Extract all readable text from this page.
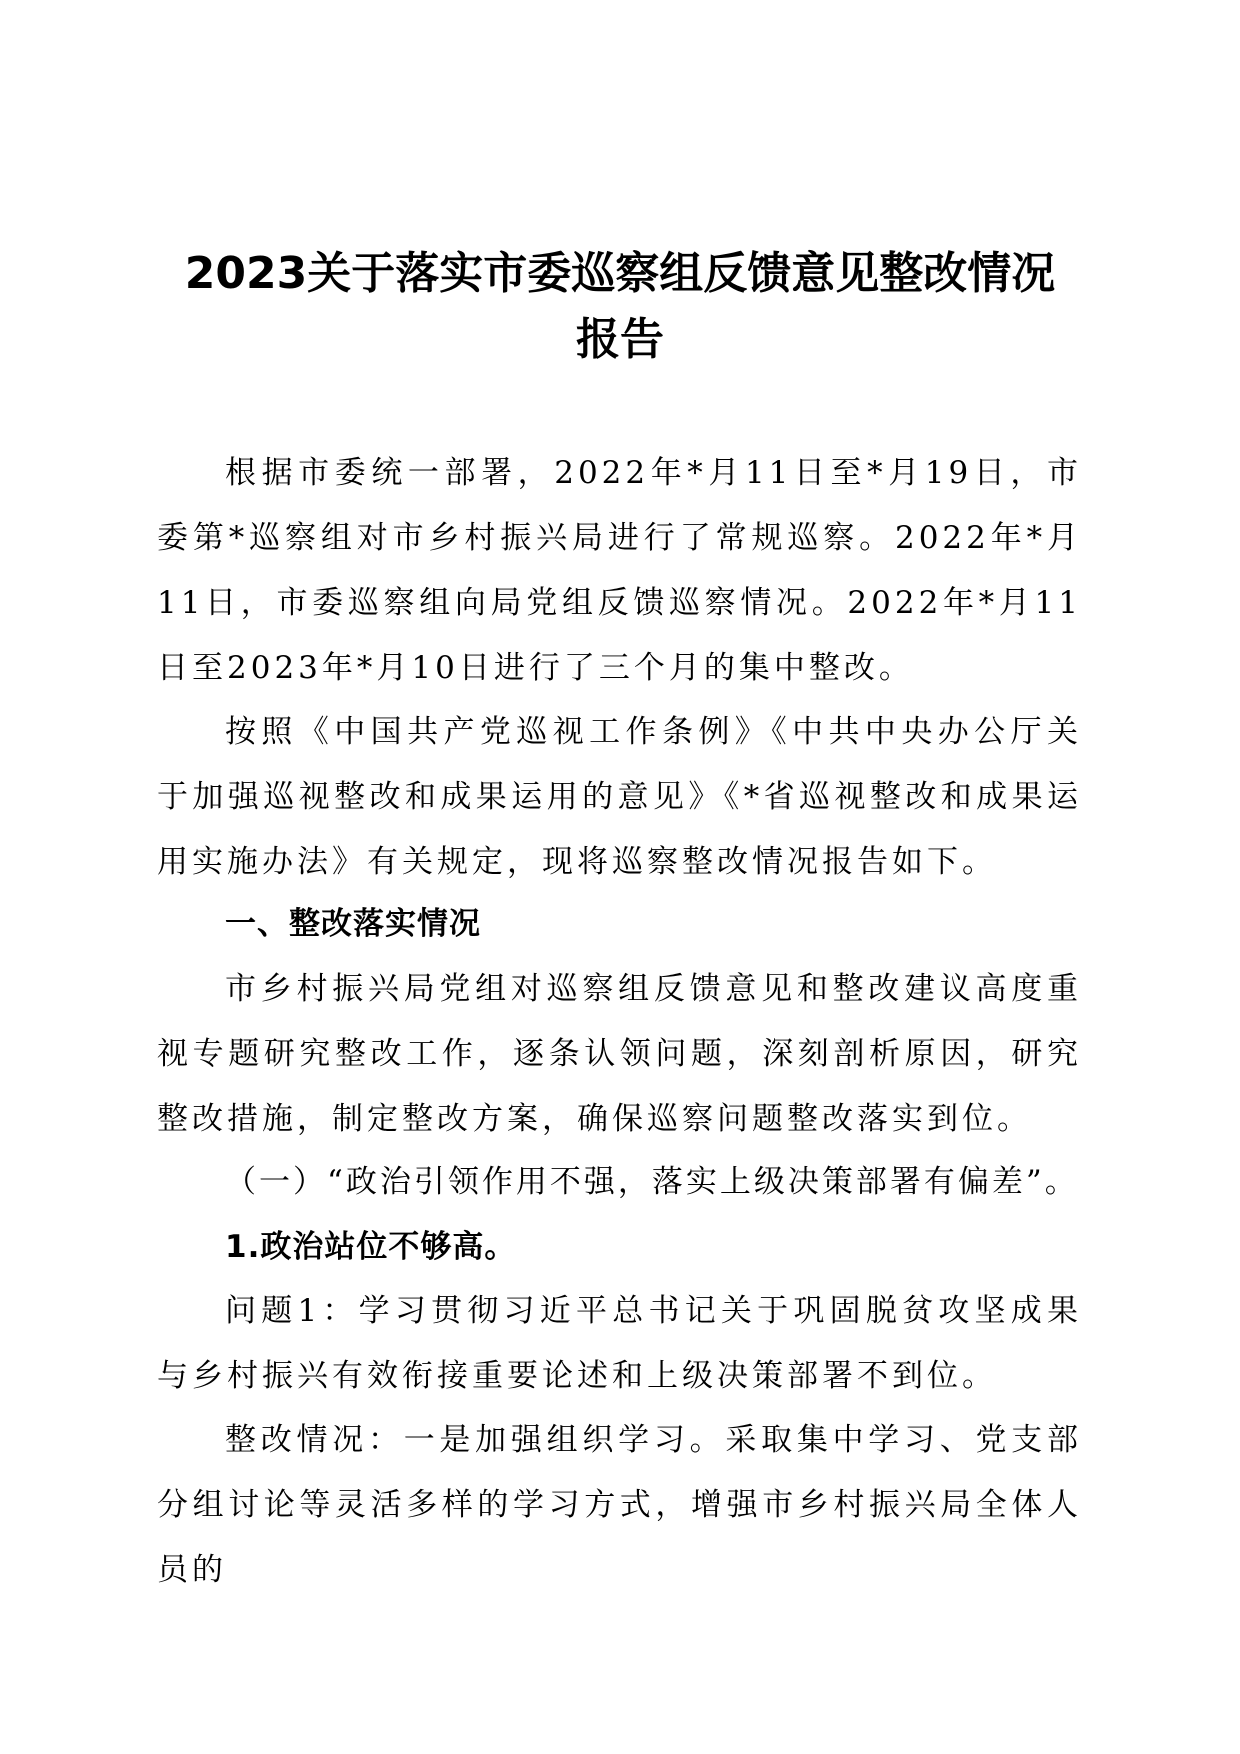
2023关于落实市委巡察组反馈意见整改情况
报告

根据市委统一部署，2022年*月11日至*月19日，市委第*巡察组对市乡村振兴局进行了常规巡察。2022年*月11日，市委巡察组向局党组反馈巡察情况。2022年*月11日至2023年*月10日进行了三个月的集中整改。

按照《中国共产党巡视工作条例》《中共中央办公厅关于加强巡视整改和成果运用的意见》《*省巡视整改和成果运用实施办法》有关规定，现将巡察整改情况报告如下。

一、整改落实情况

市乡村振兴局党组对巡察组反馈意见和整改建议高度重视专题研究整改工作，逐条认领问题，深刻剖析原因，研究整改措施，制定整改方案，确保巡察问题整改落实到位。

（一）“政治引领作用不强，落实上级决策部署有偏差”。
1.政治站位不够高。

问题1：学习贯彻习近平总书记关于巩固脱贫攻坚成果与乡村振兴有效衔接重要论述和上级决策部署不到位。

整改情况：一是加强组织学习。采取集中学习、党支部分组讨论等灵活多样的学习方式，增强市乡村振兴局全体人员的
